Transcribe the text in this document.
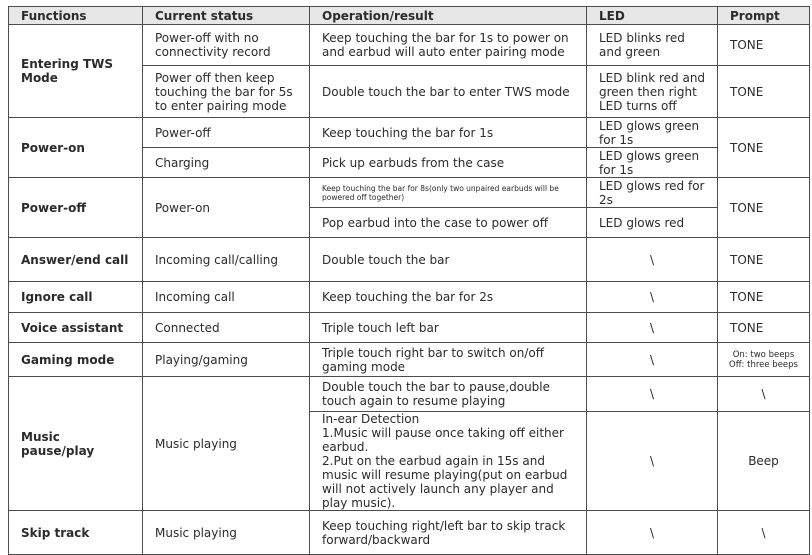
Functions	Current status	Operation/result	LED	Prompt
Entering TWS Mode	Power-off with no connectivity record	Keep touching the bar for 1s to power on and earbud will auto enter pairing mode	LED blinks red and green	TONE
	Power off then keep touching the bar for 5s to enter pairing mode	Double touch the bar to enter TWS mode	LED blink red and green then right LED turns off	TONE
Power-on	Power-off	Keep touching the bar for 1s	LED glows green for 1s	TONE
	Charging	Pick up earbuds from the case	LED glows green for 1s	
Power-off	Power-on	Keep touching the bar for 8s(only two unpaired earbuds will be powered off together)	LED glows red for 2s	TONE
		Pop earbud into the case to power off	LED glows red	
Answer/end call	Incoming call/calling	Double touch the bar	\	TONE
Ignore call	Incoming call	Keep touching the bar for 2s	\	TONE
Voice assistant	Connected	Triple touch left bar	\	TONE
Gaming mode	Playing/gaming	Triple touch right bar to switch on/off gaming mode	\	On: two beeps
Off: three beeps

Music pause/play	Music playing	Double touch the bar to pause,double touch again to resume playing	\	\

		In-ear Detection
1.Music will pause once taking off either earbud.
2.Put on the earbud again in 15s and music will resume playing(put on earbud will not actively launch any player and play music).	\	Beep
Skip track	Music playing	Keep touching right/left bar to skip track forward/backward	\	\
